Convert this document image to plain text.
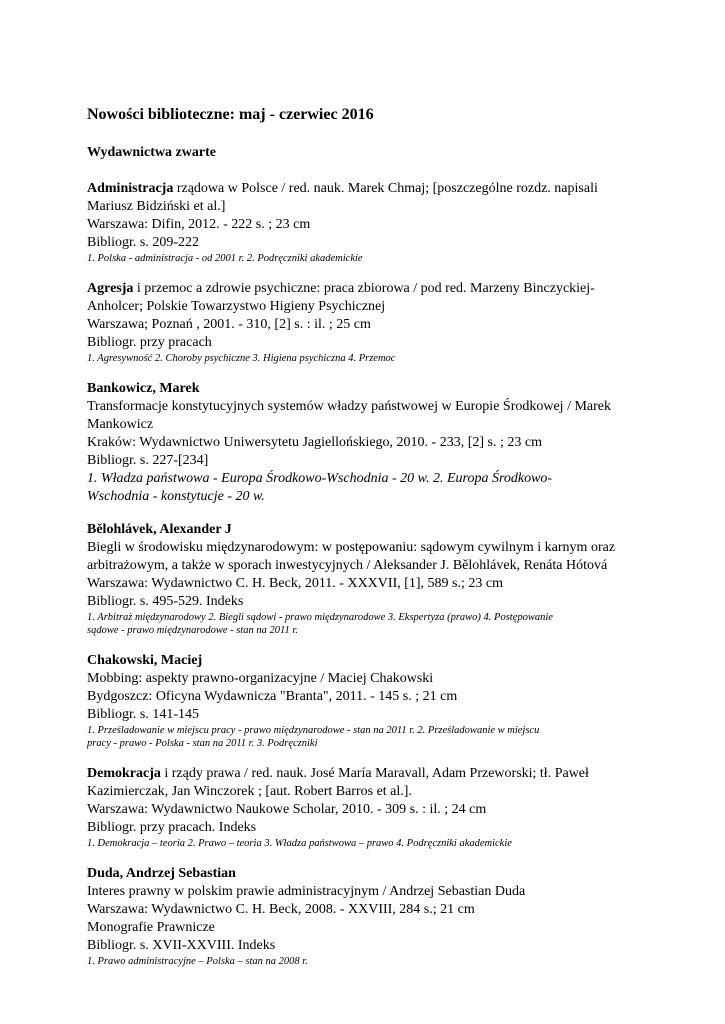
Nowości biblioteczne: maj - czerwiec 2016
Wydawnictwa zwarte
Administracja rządowa w Polsce / red. nauk. Marek Chmaj; [poszczególne rozdz. napisali
Mariusz Bidziński et al.]
Warszawa: Difin, 2012. - 222 s. ; 23 cm
Bibliogr. s. 209-222
1. Polska - administracja - od 2001 r. 2. Podręczniki akademickie
Agresja i przemoc a zdrowie psychiczne: praca zbiorowa / pod red. Marzeny Binczyckiej-
Anholcer; Polskie Towarzystwo Higieny Psychicznej
Warszawa; Poznań , 2001. - 310, [2] s. : il. ; 25 cm
Bibliogr. przy pracach
1. Agresywność 2. Choroby psychiczne 3. Higiena psychiczna 4. Przemoc
Bankowicz, Marek
Transformacje konstytucyjnych systemów władzy państwowej w Europie Środkowej / Marek
Mankowicz
Kraków: Wydawnictwo Uniwersytetu Jagiellońskiego, 2010. - 233, [2] s. ; 23 cm
Bibliogr. s. 227-[234]
1. Władza państwowa - Europa Środkowo-Wschodnia - 20 w. 2. Europa Środkowo-
Wschodnia - konstytucje - 20 w.
Bělohlávek, Alexander J
Biegli w środowisku międzynarodowym: w postępowaniu: sądowym cywilnym i karnym oraz
arbitrażowym, a także w sporach inwestycyjnych / Aleksander J. Bělohlávek, Renáta Hótová
Warszawa: Wydawnictwo C. H. Beck, 2011. - XXXVII, [1], 589 s.; 23 cm
Bibliogr. s. 495-529. Indeks
1. Arbitraż międzynarodowy 2. Biegli sądowi - prawo międzynarodowe 3. Ekspertyza (prawo) 4. Postępowanie
sądowe - prawo międzynarodowe - stan na 2011 r.
Chakowski, Maciej
Mobbing: aspekty prawno-organizacyjne / Maciej Chakowski
Bydgoszcz: Oficyna Wydawnicza "Branta", 2011. - 145 s. ; 21 cm
Bibliogr. s. 141-145
1. Prześladowanie w miejscu pracy - prawo międzynarodowe - stan na 2011 r. 2. Prześladowanie w miejscu
pracy - prawo - Polska - stan na 2011 r. 3. Podręczniki
Demokracja i rządy prawa / red. nauk. José María Maravall, Adam Przeworski; tł. Paweł
Kazimierczak, Jan Winczorek ; [aut. Robert Barros et al.].
Warszawa: Wydawnictwo Naukowe Scholar, 2010. - 309 s. : il. ; 24 cm
Bibliogr. przy pracach. Indeks
1. Demokracja – teoria 2. Prawo – teoria 3. Władza państwowa – prawo 4. Podręczniki akademickie
Duda, Andrzej Sebastian
Interes prawny w polskim prawie administracyjnym / Andrzej Sebastian Duda
Warszawa: Wydawnictwo C. H. Beck, 2008. - XXVIII, 284 s.; 21 cm
Monografie Prawnicze
Bibliogr. s. XVII-XXVIII. Indeks
1. Prawo administracyjne – Polska – stan na 2008 r.
